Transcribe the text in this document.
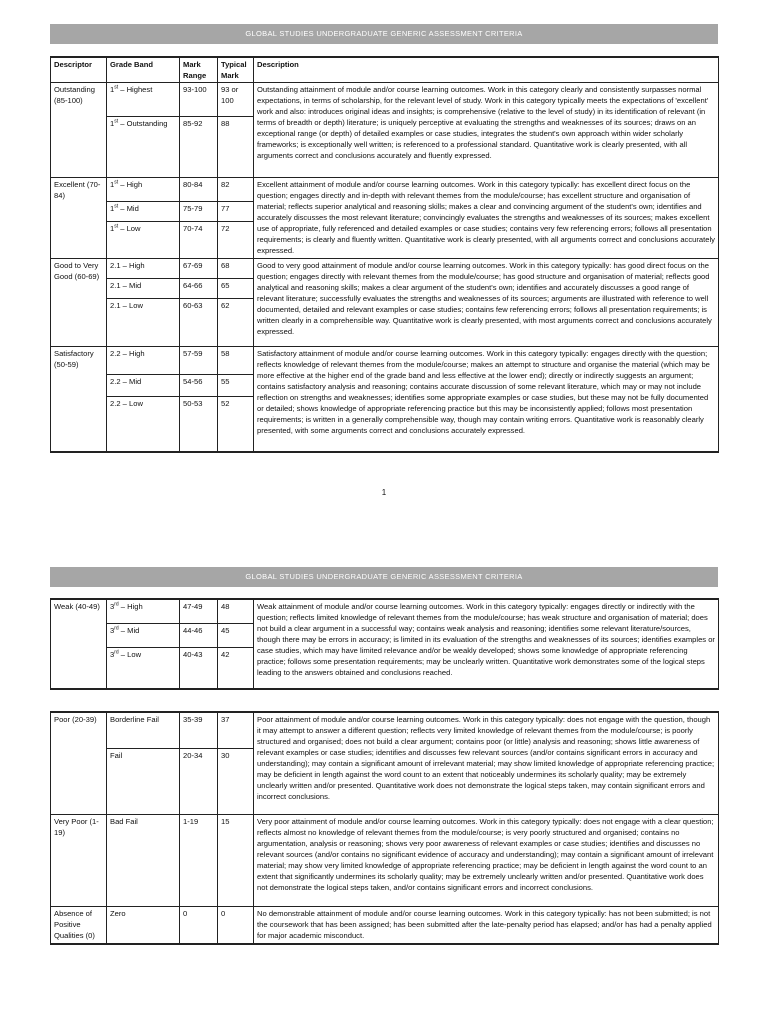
GLOBAL STUDIES UNDERGRADUATE GENERIC ASSESSMENT CRITERIA
Descriptor	Grade Band	Mark Range	Typical Mark	Description
Outstanding (85-100)	1st – Highest	93-100	93 or 100	Outstanding attainment of module and/or course learning outcomes. Work in this category clearly and consistently surpasses normal expectations, in terms of scholarship, for the relevant level of study. Work in this category typically meets the expectations of 'excellent' work and also: introduces original ideas and insights; is comprehensive (relative to the level of study) in its identification of relevant (in terms of breadth or depth) literature; is uniquely perceptive at evaluating the strengths and weaknesses of its sources; draws on an exceptional range (or depth) of detailed examples or case studies, integrates the student's own approach within wider scholarly frameworks; is exceptionally well written; is referenced to a professional standard. Quantitative work is clearly presented, with all arguments correct and conclusions accurately and fluently expressed.
	1st – Outstanding	85-92	88	
Excellent (70-84)	1st – High	80-84	82	Excellent attainment of module and/or course learning outcomes. Work in this category typically: has excellent direct focus on the question; engages directly and in-depth with relevant themes from the module/course; has excellent structure and organisation of material; reflects superior analytical and reasoning skills; makes a clear and convincing argument of the student's own; identifies and accurately discusses the most relevant literature; convincingly evaluates the strengths and weaknesses of its sources; makes excellent use of appropriate, fully referenced and detailed examples or case studies; contains very few referencing errors; follows all presentation requirements; is clearly and fluently written. Quantitative work is clearly presented, with all arguments correct and conclusions accurately expressed.
	1st – Mid	75-79	77	
	1st – Low	70-74	72	
Good to Very Good (60-69)	2.1 – High	67-69	68	Good to very good attainment of module and/or course learning outcomes. Work in this category typically: has good direct focus on the question; engages directly with relevant themes from the module/course; has good structure and organisation of material; reflects good analytical and reasoning skills; makes a clear argument of the student's own; identifies and accurately discusses a good range of relevant literature; successfully evaluates the strengths and weaknesses of its sources; arguments are illustrated with reference to well documented, detailed and relevant examples or case studies; contains few referencing errors; follows all presentation requirements; is written clearly in a comprehensible way. Quantitative work is clearly presented, with most arguments correct and conclusions accurately expressed.
	2.1 – Mid	64-66	65	
	2.1 – Low	60-63	62	
Satisfactory (50-59)	2.2 – High	57-59	58	Satisfactory attainment of module and/or course learning outcomes. Work in this category typically: engages directly with the question; reflects knowledge of relevant themes from the module/course; makes an attempt to structure and organise the material (which may be more effective at the higher end of the grade band and less effective at the lower end); directly or indirectly suggests an argument; contains satisfactory analysis and reasoning; contains accurate discussion of some relevant literature, which may or may not include reflection on strengths and weaknesses; identifies some appropriate examples or case studies, but these may not be fully documented or detailed; shows knowledge of appropriate referencing practice but this may be inconsistently applied; follows most presentation requirements; is written in a generally comprehensible way, though may contain writing errors. Quantitative work is reasonably clearly presented, with some arguments correct and conclusions accurately expressed.
	2.2 – Mid	54-56	55	
	2.2 – Low	50-53	52	
1
GLOBAL STUDIES UNDERGRADUATE GENERIC ASSESSMENT CRITERIA
Weak (40-49)	3rd – High	47-49	48	Weak attainment of module and/or course learning outcomes. Work in this category typically: engages directly or indirectly with the question; reflects limited knowledge of relevant themes from the module/course; has weak structure and organisation of material; does not build a clear argument in a successful way; contains weak analysis and reasoning; identifies some relevant literature/sources, though there may be errors in accuracy; is limited in its evaluation of the strengths and weaknesses of its sources; identifies examples or case studies, which may have limited relevance and/or be weakly developed; shows some knowledge of appropriate referencing practice; follows some presentation requirements; may be unclearly written. Quantitative work demonstrates some of the logical steps leading to the answers obtained and conclusions reached.
	3rd – Mid	44-46	45	
	3rd – Low	40-43	42	
Poor (20-39)	Borderline Fail	35-39	37	Poor attainment of module and/or course learning outcomes. Work in this category typically: does not engage with the question, though it may attempt to answer a different question; reflects very limited knowledge of relevant themes from the module/course; is poorly structured and organised; does not build a clear argument; contains poor (or little) analysis and reasoning; shows little awareness of relevant examples or case studies; identifies and discusses few relevant sources (and/or contains significant errors in accuracy and understanding); may contain a significant amount of irrelevant material; may show limited knowledge of appropriate referencing practice; may be deficient in length against the word count to an extent that noticeably undermines its scholarly quality; may be extremely unclearly written and/or presented. Quantitative work does not demonstrate the logical steps taken, may contain significant errors and incorrect conclusions.
	Fail	20-34	30	
Very Poor (1-19)	Bad Fail	1-19	15	Very poor attainment of module and/or course learning outcomes. Work in this category typically: does not engage with a clear question; reflects almost no knowledge of relevant themes from the module/course; is very poorly structured and organised; contains no argumentation, analysis or reasoning; shows very poor awareness of relevant examples or case studies; identifies and discusses no relevant sources (and/or contains no significant evidence of accuracy and understanding); may contain a significant amount of irrelevant material; may show very limited knowledge of appropriate referencing practice; may be deficient in length against the word count to an extent that significantly undermines its scholarly quality; may be extremely unclearly written and/or presented. Quantitative work does not demonstrate the logical steps taken, and/or contains significant errors and incorrect conclusions.
Absence of Positive Qualities (0)	Zero	0	0	No demonstrable attainment of module and/or course learning outcomes. Work in this category typically: has not been submitted; is not the coursework that has been assigned; has been submitted after the late-penalty period has elapsed; and/or has had a penalty applied for major academic misconduct.
